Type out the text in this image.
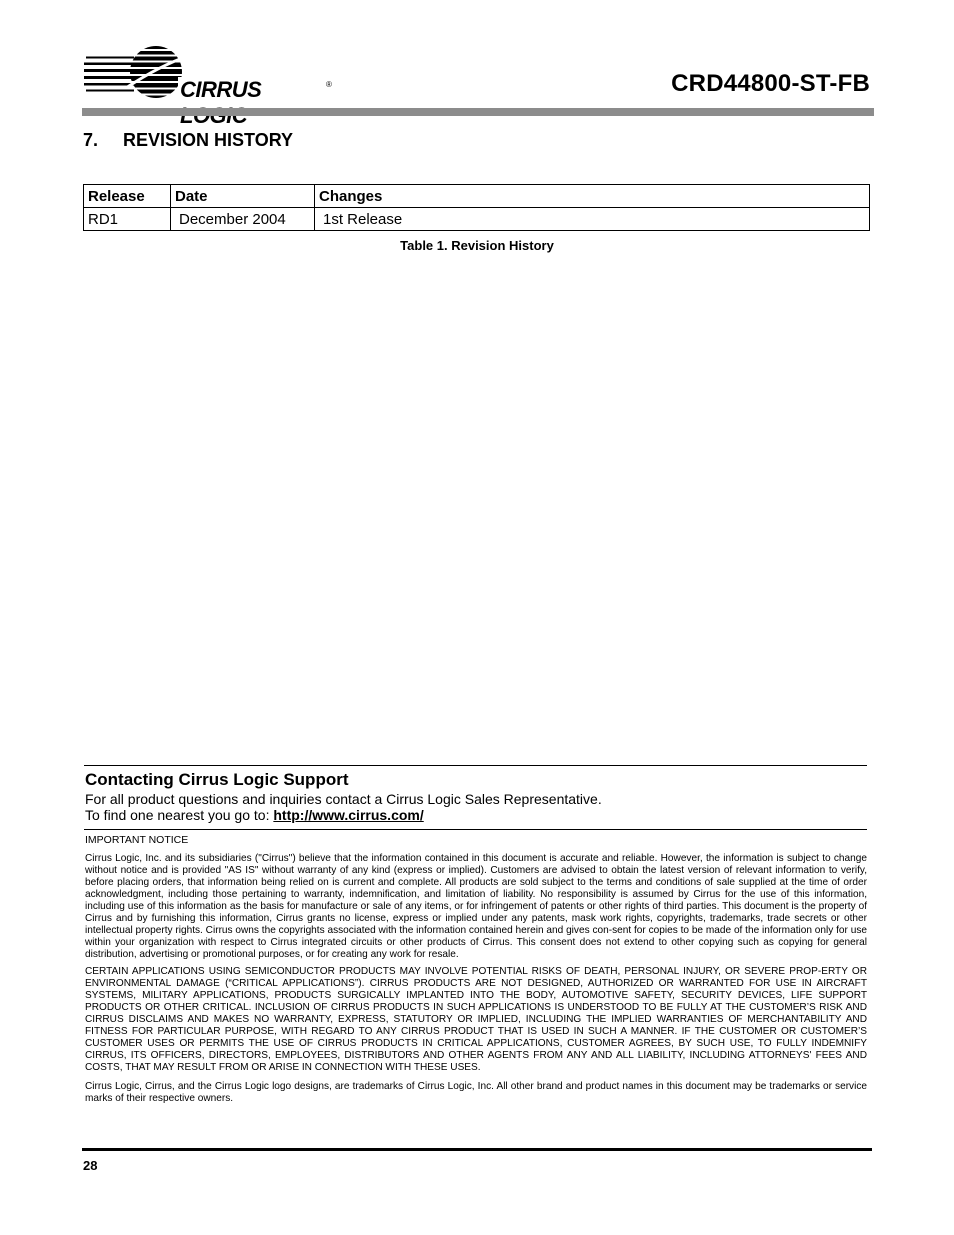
CIRRUS	®	CRD44800-ST-FB
7. REVISION HISTORY
Release	Date	Changes
RD1	December 2004	1st Release
Table 1. Revision History
Contacting Cirrus Logic Support
For all product questions and inquiries contact a Cirrus Logic Sales Representative.
To find one nearest you go to: http://www.cirrus.com/
IMPORTANT NOTICE

Cirrus Logic, Inc. and its subsidiaries ("Cirrus") believe that the information contained in this document is accurate and reliable. However, the information is subject to change without notice and is provided "AS IS" without warranty of any kind (express or implied). Customers are advised to obtain the latest version of relevant information to verify, before placing orders, that information being relied on is current and complete. All products are sold subject to the terms and conditions of sale supplied at the time of order acknowledgment, including those pertaining to warranty, indemnification, and limitation of liability. No responsibility is assumed by Cirrus for the use of this information, including use of this information as the basis for manufacture or sale of any items, or for infringement of patents or other rights of third parties. This document is the property of Cirrus and by furnishing this information, Cirrus grants no license, express or implied under any patents, mask work rights, copyrights, trademarks, trade secrets or other intellectual property rights. Cirrus owns the copyrights associated with the information contained herein and gives con-sent for copies to be made of the information only for use within your organization with respect to Cirrus integrated circuits or other products of Cirrus. This consent does not extend to other copying such as copying for general distribution, advertising or promotional purposes, or for creating any work for resale.

CERTAIN APPLICATIONS USING SEMICONDUCTOR PRODUCTS MAY INVOLVE POTENTIAL RISKS OF DEATH, PERSONAL INJURY, OR SEVERE PROP-ERTY OR ENVIRONMENTAL DAMAGE (“CRITICAL APPLICATIONS”). CIRRUS PRODUCTS ARE NOT DESIGNED, AUTHORIZED OR WARRANTED FOR USE IN AIRCRAFT SYSTEMS, MILITARY APPLICATIONS, PRODUCTS SURGICALLY IMPLANTED INTO THE BODY, AUTOMOTIVE SAFETY, SECURITY DEVICES, LIFE SUPPORT PRODUCTS OR OTHER CRITICAL. INCLUSION OF CIRRUS PRODUCTS IN SUCH APPLICATIONS IS UNDERSTOOD TO BE FULLY AT THE CUSTOMER’S RISK AND CIRRUS DISCLAIMS AND MAKES NO WARRANTY, EXPRESS, STATUTORY OR IMPLIED, INCLUDING THE IMPLIED WARRANTIES OF MERCHANTABILITY AND FITNESS FOR PARTICULAR PURPOSE, WITH REGARD TO ANY CIRRUS PRODUCT THAT IS USED IN SUCH A MANNER. IF THE CUSTOMER OR CUSTOMER’S CUSTOMER USES OR PERMITS THE USE OF CIRRUS PRODUCTS IN CRITICAL APPLICATIONS, CUSTOMER AGREES, BY SUCH USE, TO FULLY INDEMNIFY CIRRUS, ITS OFFICERS, DIRECTORS, EMPLOYEES, DISTRIBUTORS AND OTHER AGENTS FROM ANY AND ALL LIABILITY, INCLUDING ATTORNEYS' FEES AND COSTS, THAT MAY RESULT FROM OR ARISE IN CONNECTION WITH THESE USES.

Cirrus Logic, Cirrus, and the Cirrus Logic logo designs, are trademarks of Cirrus Logic, Inc. All other brand and product names in this document may be trademarks or service marks of their respective owners.

28
